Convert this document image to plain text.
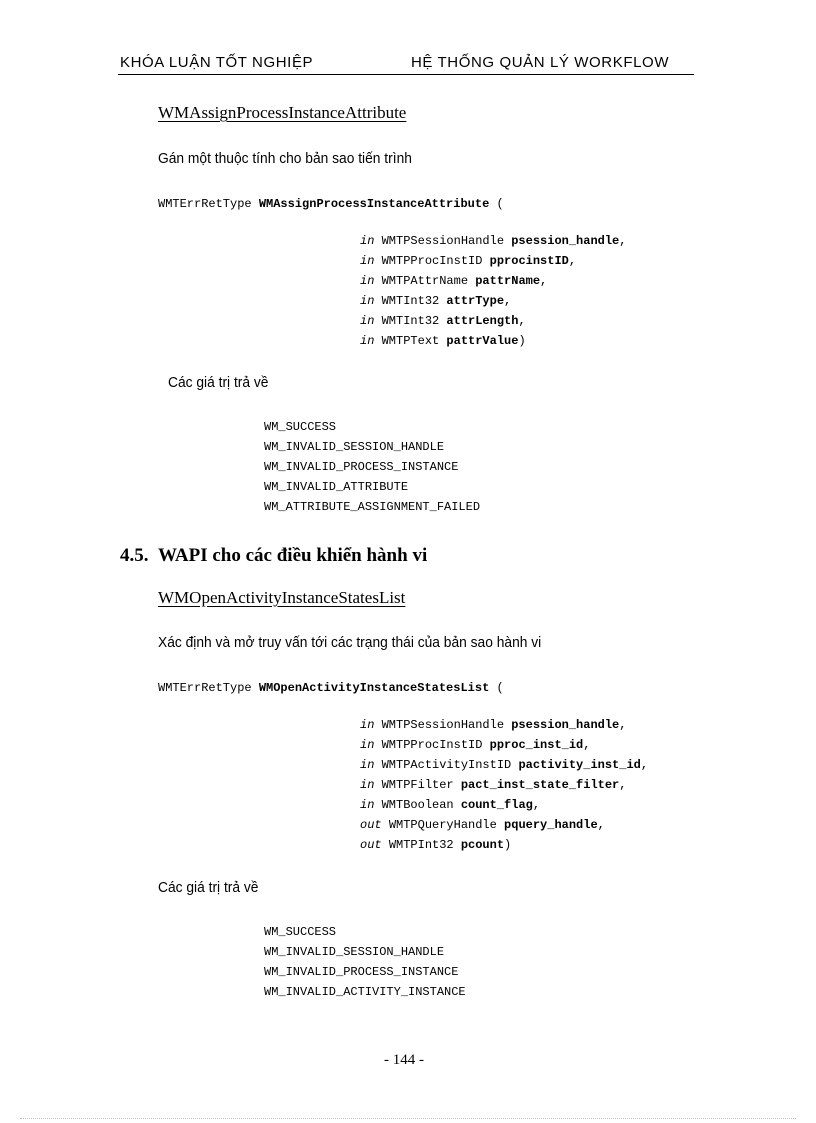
KHÓA LUẬN TỐT NGHIỆP	HỆ THỐNG QUẢN LÝ WORKFLOW
WMAssignProcessInstanceAttribute
Gán một thuộc tính cho bản sao tiến trình
WMTErrRetType WMAssignProcessInstanceAttribute (
in WMTPSessionHandle psession_handle,
in WMTPProcInstID pprocinstID,
in WMTPAttrName pattrName,
in WMTInt32 attrType,
in WMTInt32 attrLength,
in WMTPText pattrValue)
Các giá trị trả về
WM_SUCCESS
WM_INVALID_SESSION_HANDLE
WM_INVALID_PROCESS_INSTANCE
WM_INVALID_ATTRIBUTE
WM_ATTRIBUTE_ASSIGNMENT_FAILED
4.5. WAPI cho các điều khiển hành vi
WMOpenActivityInstanceStatesList
Xác định và mở truy vấn tới các trạng thái của bản sao hành vi
WMTErrRetType WMOpenActivityInstanceStatesList (
in WMTPSessionHandle psession_handle,
in WMTPProcInstID pproc_inst_id,
in WMTPActivityInstID pactivity_inst_id,
in WMTPFilter pact_inst_state_filter,
in WMTBoolean count_flag,
out WMTPQueryHandle pquery_handle,
out WMTPInt32 pcount)
Các giá trị trả về
WM_SUCCESS
WM_INVALID_SESSION_HANDLE
WM_INVALID_PROCESS_INSTANCE
WM_INVALID_ACTIVITY_INSTANCE
- 144 -
